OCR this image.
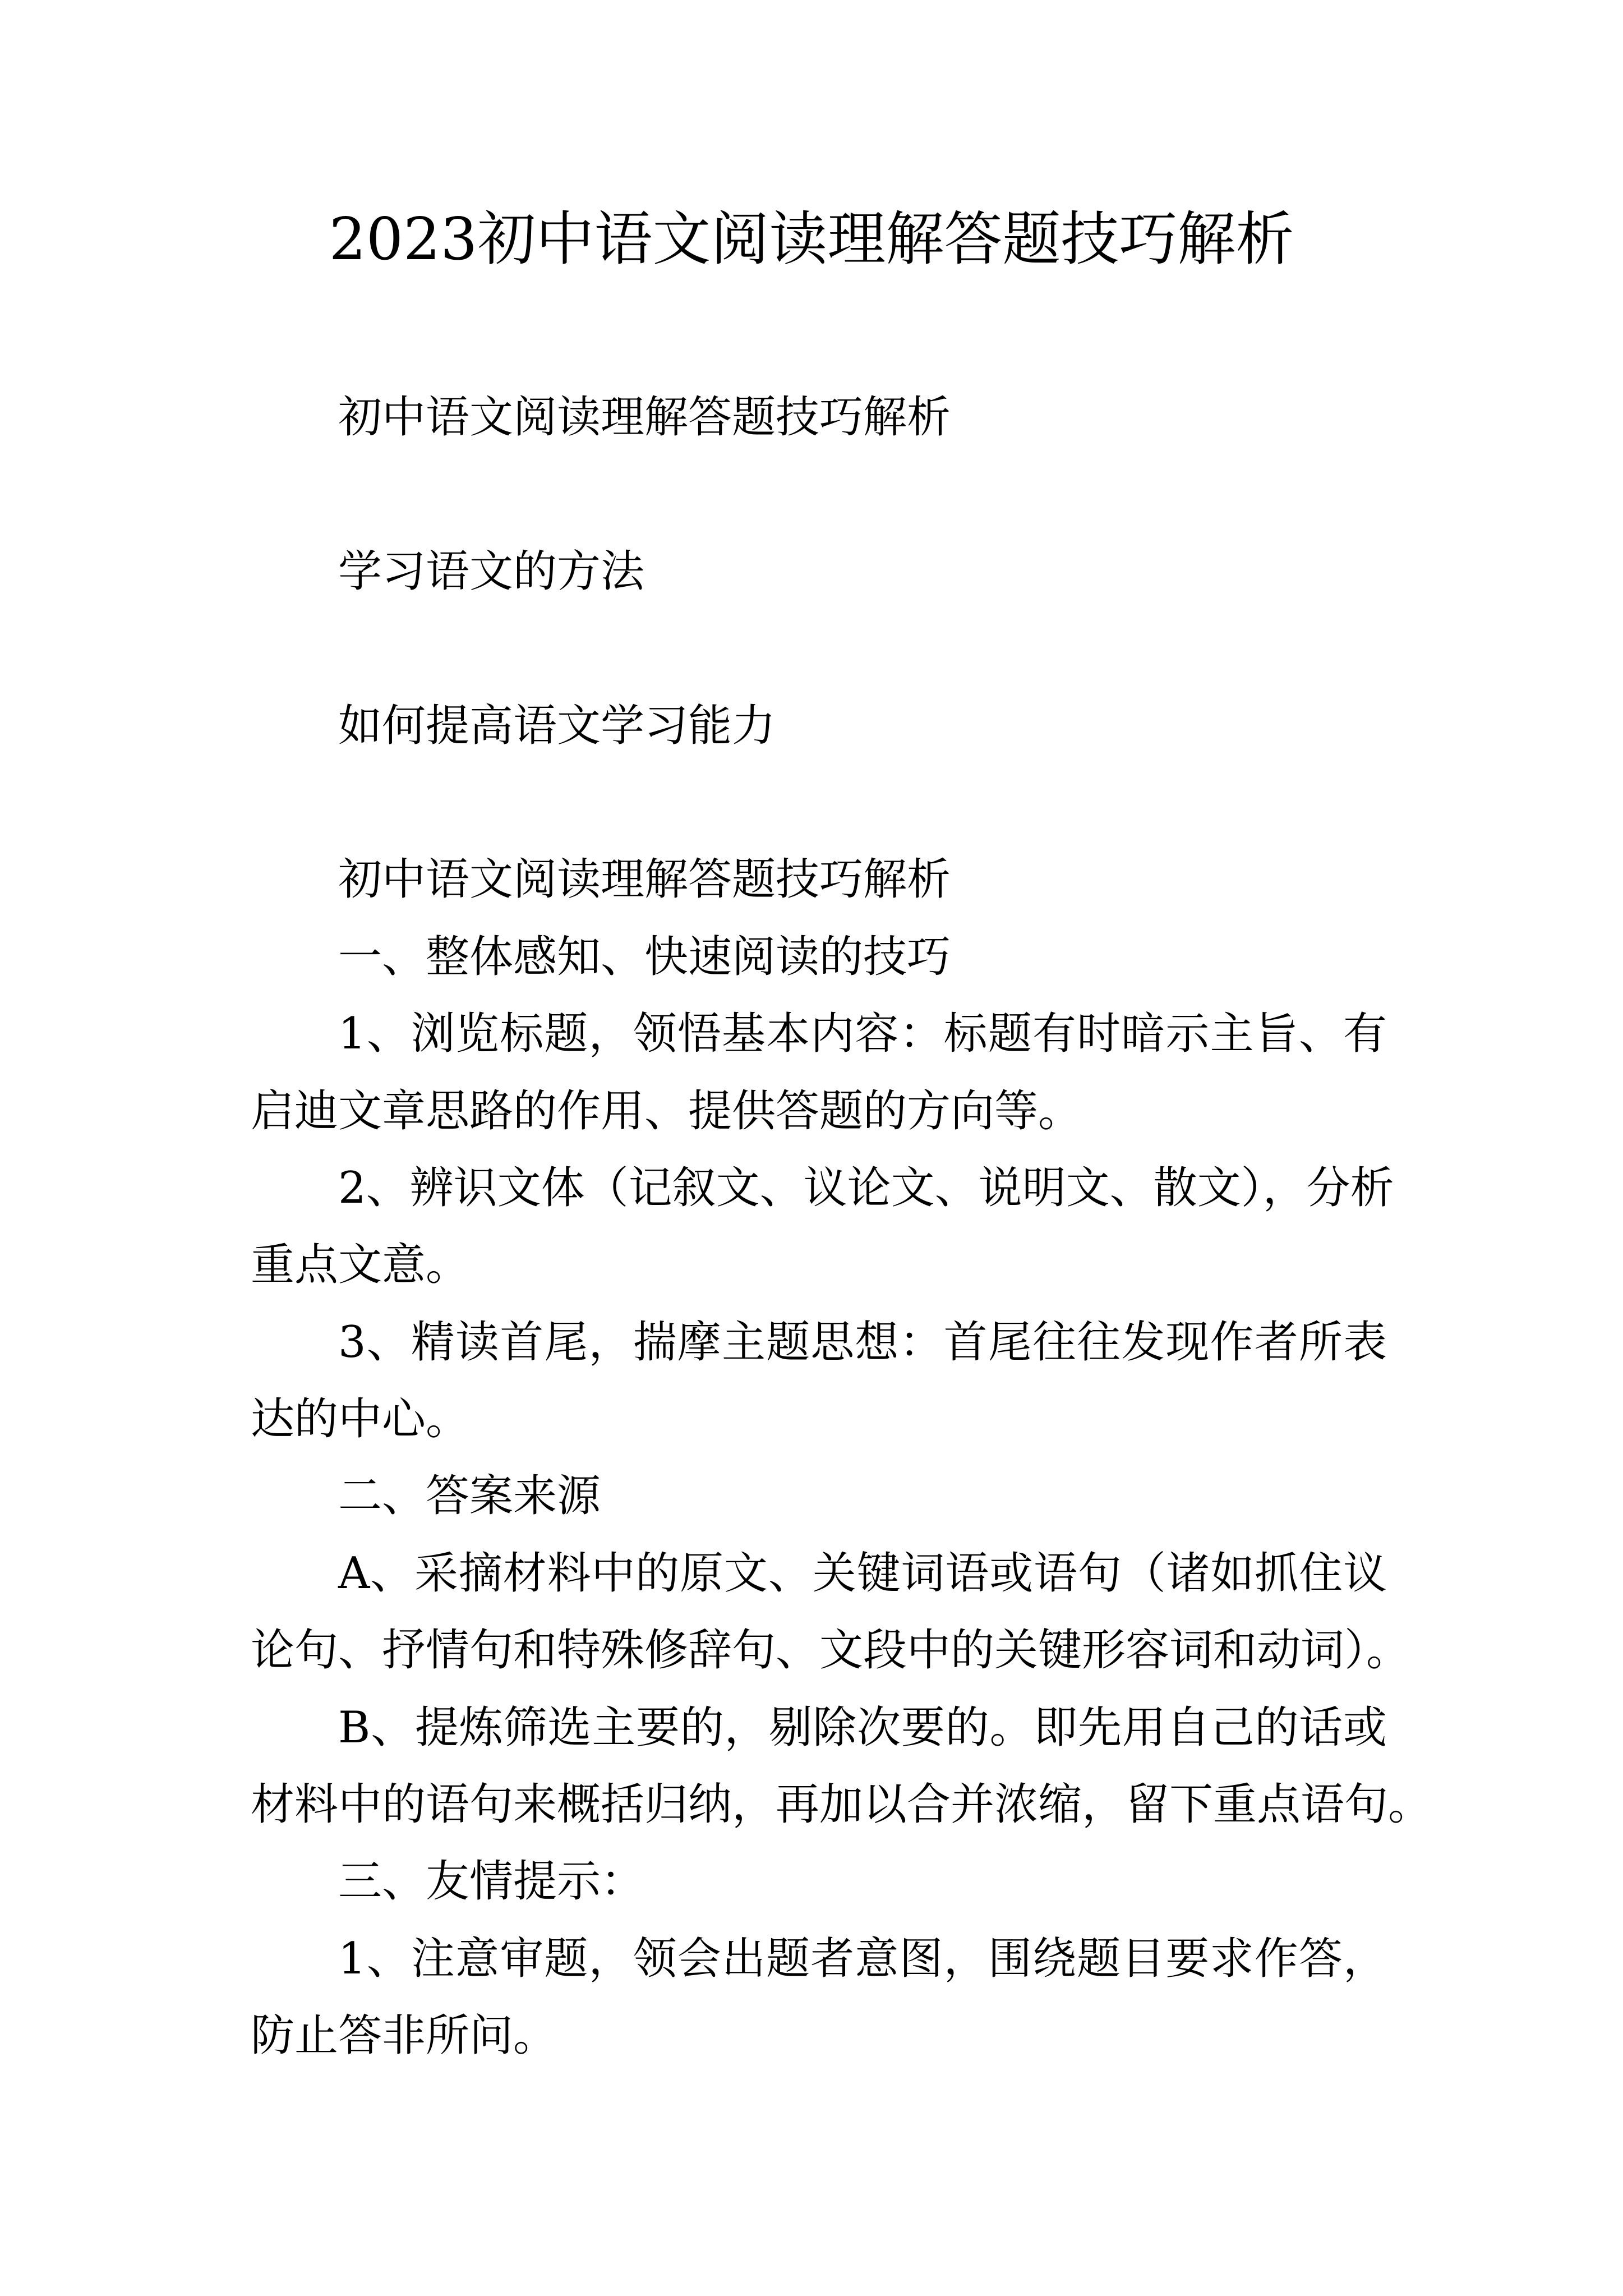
2023初中语文阅读理解答题技巧解析

初中语文阅读理解答题技巧解析

学习语文的方法

如何提高语文学习能力

初中语文阅读理解答题技巧解析

一、整体感知、快速阅读的技巧

1、浏览标题，领悟基本内容：标题有时暗示主旨、有

启迪文章思路的作用、提供答题的方向等。

2、辨识文体（记叙文、议论文、说明文、散文），分析

重点文意。

3、精读首尾，揣摩主题思想：首尾往往发现作者所表

达的中心。

二、答案来源

A、采摘材料中的原文、关键词语或语句（诸如抓住议

论句、抒情句和特殊修辞句、文段中的关键形容词和动词）。

B、提炼筛选主要的，剔除次要的。即先用自己的话或

材料中的语句来概括归纳，再加以合并浓缩，留下重点语句。

三、友情提示：

1、注意审题，领会出题者意图，围绕题目要求作答，

防止答非所问。
